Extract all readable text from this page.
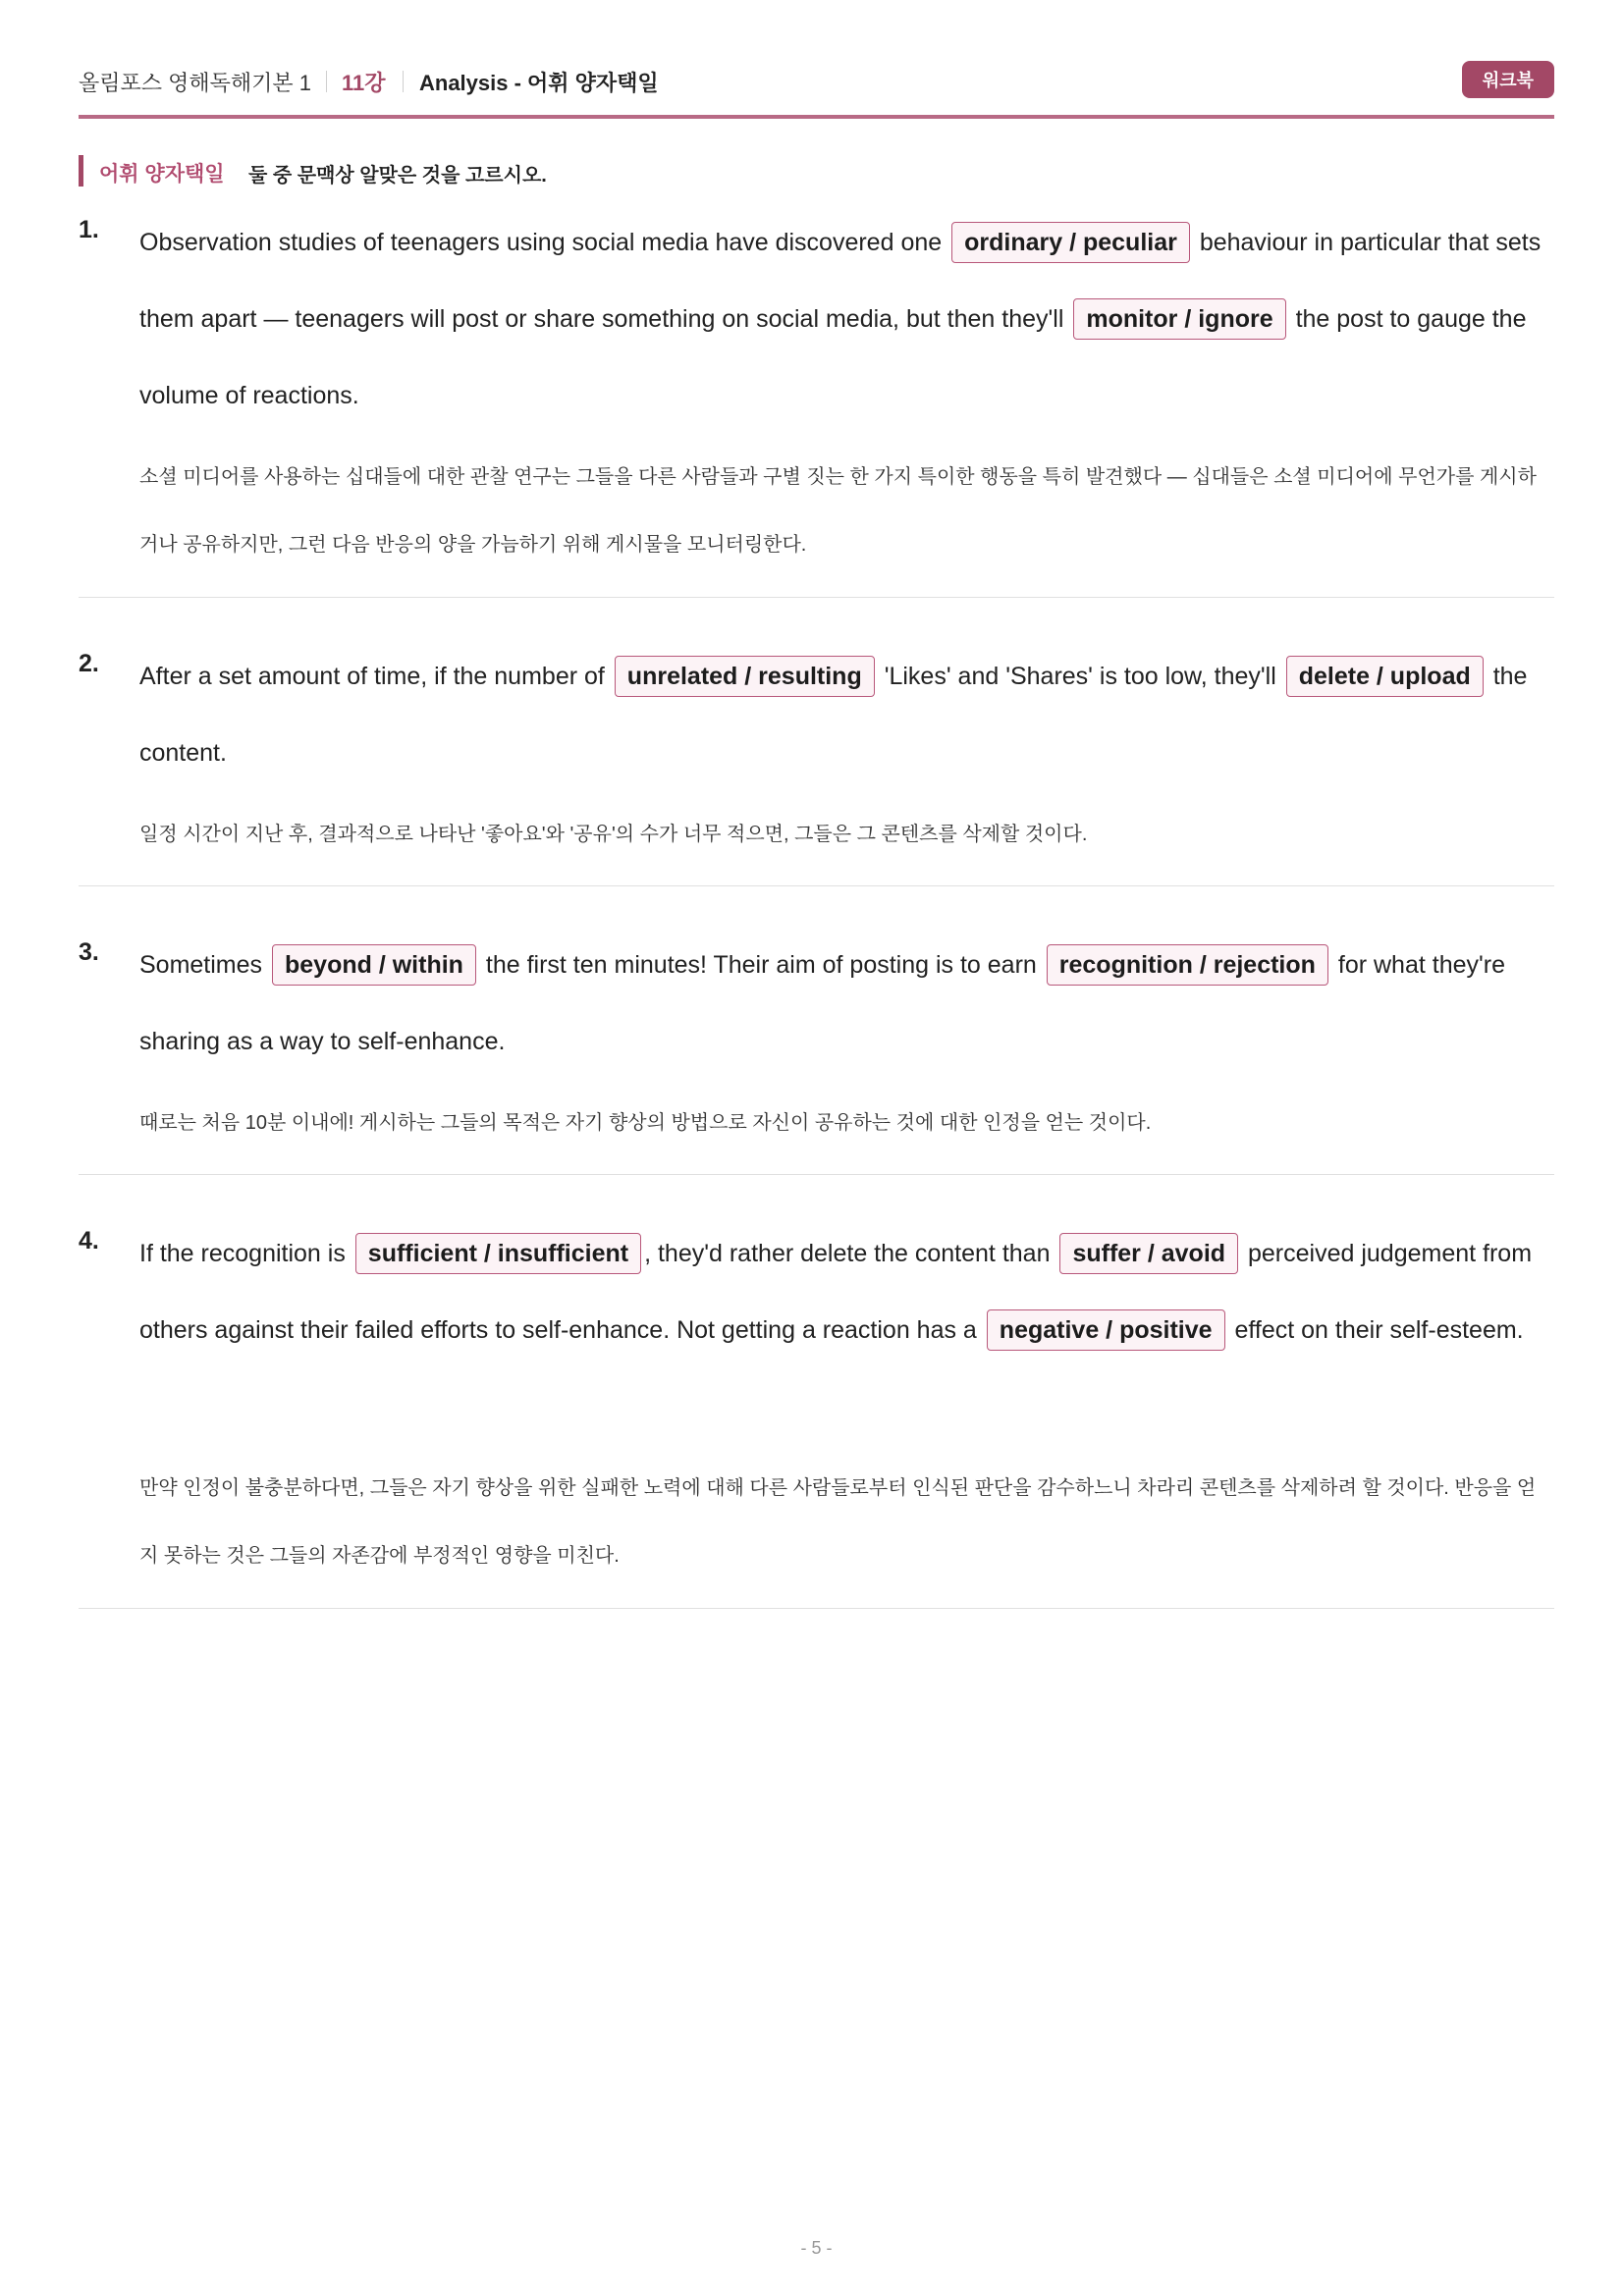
올림포스 영해독해기본 1 11강 Analysis - 어휘 양자택일	워크북
어휘 양자택일 둘 중 문맥상 알맞은 것을 고르시오.
1. Observation studies of teenagers using social media have discovered one ordinary / peculiar behaviour in particular that sets them apart — teenagers will post or share something on social media, but then they'll monitor / ignore the post to gauge the volume of reactions.

소셜 미디어를 사용하는 십대들에 대한 관찰 연구는 그들을 다른 사람들과 구별 짓는 한 가지 특이한 행동을 특히 발견했다 — 십대들은 소셜 미디어에 무언가를 게시하거나 공유하지만, 그런 다음 반응의 양을 가늠하기 위해 게시물을 모니터링한다.

2. After a set amount of time, if the number of unrelated / resulting 'Likes' and 'Shares' is too low, they'll delete / upload the content.

일정 시간이 지난 후, 결과적으로 나타난 '좋아요'와 '공유'의 수가 너무 적으면, 그들은 그 콘텐츠를 삭제할 것이다.

3. Sometimes beyond / within the first ten minutes! Their aim of posting is to earn recognition / rejection for what they're sharing as a way to self-enhance.

때로는 처음 10분 이내에! 게시하는 그들의 목적은 자기 향상의 방법으로 자신이 공유하는 것에 대한 인정을 얻는 것이다.

4. If the recognition is sufficient / insufficient , they'd rather delete the content than suffer / avoid perceived judgement from others against their failed efforts to self-enhance. Not getting a reaction has a negative / positive effect on their self-esteem.

만약 인정이 불충분하다면, 그들은 자기 향상을 위한 실패한 노력에 대해 다른 사람들로부터 인식된 판단을 감수하느니 차라리 콘텐츠를 삭제하려 할 것이다. 반응을 얻지 못하는 것은 그들의 자존감에 부정적인 영향을 미친다.

- 5 -
